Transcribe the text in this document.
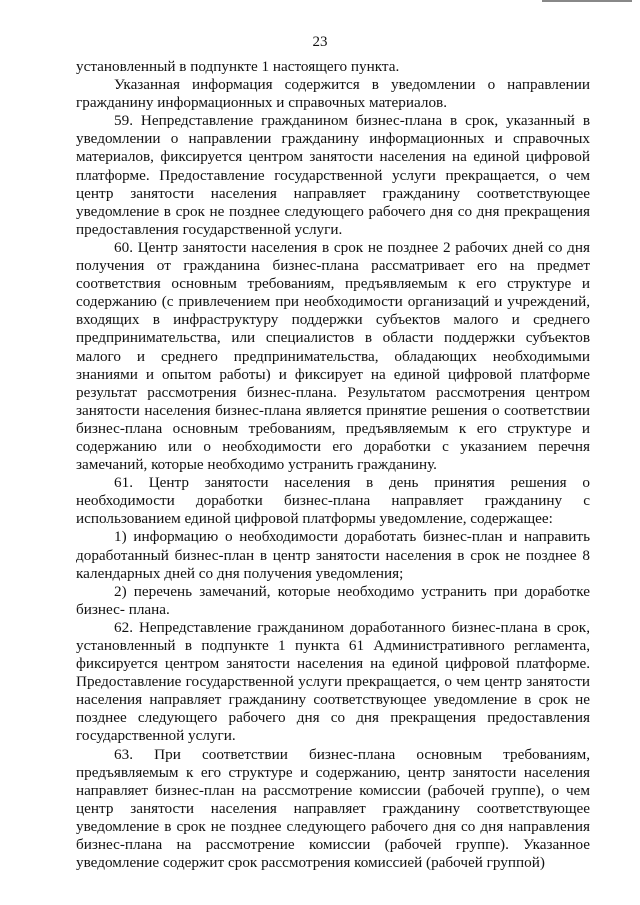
23

установленный в подпункте 1 настоящего пункта.

Указанная информация содержится в уведомлении о направлении гражданину информационных и справочных материалов.

59. Непредставление гражданином бизнес-плана в срок, указанный в уведомлении о направлении гражданину информационных и справочных материалов, фиксируется центром занятости населения на единой цифровой платформе. Предоставление государственной услуги прекращается, о чем центр занятости населения направляет гражданину соответствующее уведомление в срок не позднее следующего рабочего дня со дня прекращения предоставления государственной услуги.

60. Центр занятости населения в срок не позднее 2 рабочих дней со дня получения от гражданина бизнес-плана рассматривает его на предмет соответствия основным требованиям, предъявляемым к его структуре и содержанию (с привлечением при необходимости организаций и учреждений, входящих в инфраструктуру поддержки субъектов малого и среднего предпринимательства, или специалистов в области поддержки субъектов малого и среднего предпринимательства, обладающих необходимыми знаниями и опытом работы) и фиксирует на единой цифровой платформе результат рассмотрения бизнес-плана. Результатом рассмотрения центром занятости населения бизнес-плана является принятие решения о соответствии бизнес-плана основным требованиям, предъявляемым к его структуре и содержанию или о необходимости его доработки с указанием перечня замечаний, которые необходимо устранить гражданину.

61. Центр занятости населения в день принятия решения о необходимости доработки бизнес-плана направляет гражданину с использованием единой цифровой платформы уведомление, содержащее:

1) информацию о необходимости доработать бизнес-план и направить доработанный бизнес-план в центр занятости населения в срок не позднее 8 календарных дней со дня получения уведомления;

2) перечень замечаний, которые необходимо устранить при доработке бизнес- плана.

62. Непредставление гражданином доработанного бизнес-плана в срок, установленный в подпункте 1 пункта 61 Административного регламента, фиксируется центром занятости населения на единой цифровой платформе. Предоставление государственной услуги прекращается, о чем центр занятости населения направляет гражданину соответствующее уведомление в срок не позднее следующего рабочего дня со дня прекращения предоставления государственной услуги.

63. При соответствии бизнес-плана основным требованиям, предъявляемым к его структуре и содержанию, центр занятости населения направляет бизнес-план на рассмотрение комиссии (рабочей группе), о чем центр занятости населения направляет гражданину соответствующее уведомление в срок не позднее следующего рабочего дня со дня направления бизнес-плана на рассмотрение комиссии (рабочей группе). Указанное уведомление содержит срок рассмотрения комиссией (рабочей группой)
